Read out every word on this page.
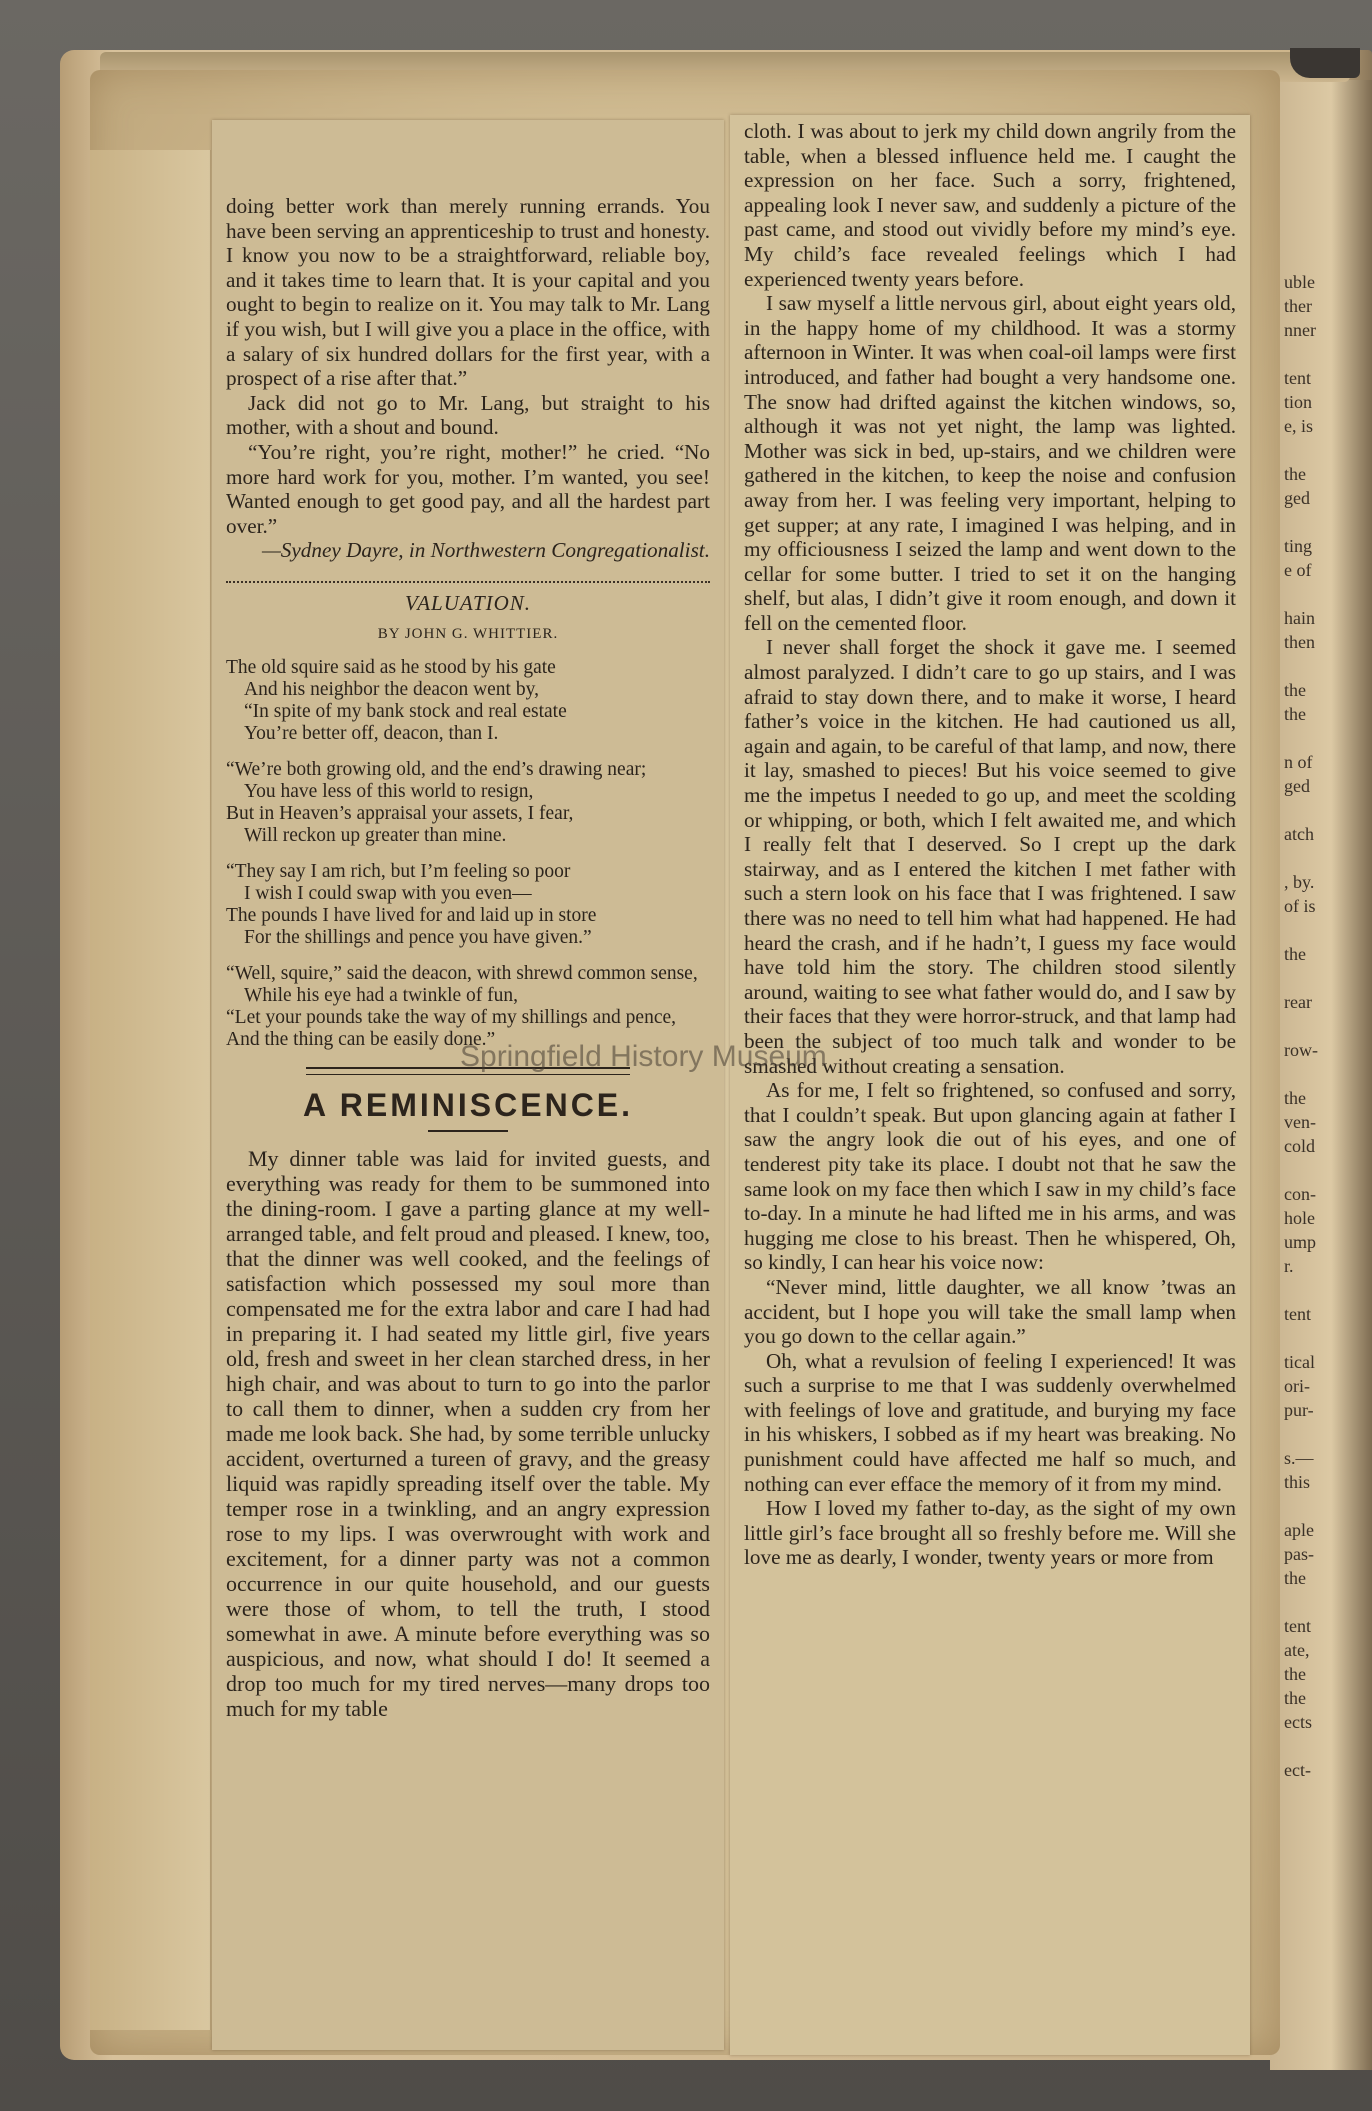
uble
ther
nner

tent
tion
e, is

the
ged

ting
e of

hain
then

the
the

n of
ged

atch

, by.
of is

the

rear

row-

the
ven-
cold

con-
hole
ump
r.

tent

tical
ori-
pur-

s.—
this

aple
pas-
the

tent
ate,
the
the
ects

ect-

doing better work than merely running errands. You have been serving an apprenticeship to trust and honesty. I know you now to be a straightforward, reliable boy, and it takes time to learn that. It is your capital and you ought to begin to realize on it. You may talk to Mr. Lang if you wish, but I will give you a place in the office, with a salary of six hundred dollars for the first year, with a prospect of a rise after that.”

Jack did not go to Mr. Lang, but straight to his mother, with a shout and bound.

“You’re right, you’re right, mother!” he cried. “No more hard work for you, mother. I’m wanted, you see! Wanted enough to get good pay, and all the hardest part over.”

—Sydney Dayre, in Northwestern Congregationalist.

VALUATION.
BY JOHN G. WHITTIER.
The old squire said as he stood by his gate
And his neighbor the deacon went by,
“In spite of my bank stock and real estate
You’re better off, deacon, than I.
“We’re both growing old, and the end’s drawing near;
You have less of this world to resign,
But in Heaven’s appraisal your assets, I fear,
Will reckon up greater than mine.
“They say I am rich, but I’m feeling so poor
I wish I could swap with you even—
The pounds I have lived for and laid up in store
For the shillings and pence you have given.”
“Well, squire,” said the deacon, with shrewd common sense,
While his eye had a twinkle of fun,
“Let your pounds take the way of my shillings and pence,
And the thing can be easily done.”
A REMINISCENCE.

My dinner table was laid for invited guests, and everything was ready for them to be summoned into the dining-room. I gave a parting glance at my well-arranged table, and felt proud and pleased. I knew, too, that the dinner was well cooked, and the feelings of satisfaction which possessed my soul more than compensated me for the extra labor and care I had had in preparing it. I had seated my little girl, five years old, fresh and sweet in her clean starched dress, in her high chair, and was about to turn to go into the parlor to call them to dinner, when a sudden cry from her made me look back. She had, by some terrible unlucky accident, overturned a tureen of gravy, and the greasy liquid was rapidly spreading itself over the table. My temper rose in a twinkling, and an angry expression rose to my lips. I was overwrought with work and excitement, for a dinner party was not a common occurrence in our quite household, and our guests were those of whom, to tell the truth, I stood somewhat in awe. A minute before everything was so auspicious, and now, what should I do! It seemed a drop too much for my tired nerves—many drops too much for my table

cloth. I was about to jerk my child down angrily from the table, when a blessed influence held me. I caught the expression on her face. Such a sorry, frightened, appealing look I never saw, and suddenly a picture of the past came, and stood out vividly before my mind’s eye. My child’s face revealed feelings which I had experienced twenty years before.

I saw myself a little nervous girl, about eight years old, in the happy home of my childhood. It was a stormy afternoon in Winter. It was when coal-oil lamps were first introduced, and father had bought a very handsome one. The snow had drifted against the kitchen windows, so, although it was not yet night, the lamp was lighted. Mother was sick in bed, up-stairs, and we children were gathered in the kitchen, to keep the noise and confusion away from her. I was feeling very important, helping to get supper; at any rate, I imagined I was helping, and in my officiousness I seized the lamp and went down to the cellar for some butter. I tried to set it on the hanging shelf, but alas, I didn’t give it room enough, and down it fell on the cemented floor.

I never shall forget the shock it gave me. I seemed almost paralyzed. I didn’t care to go up stairs, and I was afraid to stay down there, and to make it worse, I heard father’s voice in the kitchen. He had cautioned us all, again and again, to be careful of that lamp, and now, there it lay, smashed to pieces! But his voice seemed to give me the impetus I needed to go up, and meet the scolding or whipping, or both, which I felt awaited me, and which I really felt that I deserved. So I crept up the dark stairway, and as I entered the kitchen I met father with such a stern look on his face that I was frightened. I saw there was no need to tell him what had happened. He had heard the crash, and if he hadn’t, I guess my face would have told him the story. The children stood silently around, waiting to see what father would do, and I saw by their faces that they were horror-struck, and that lamp had been the subject of too much talk and wonder to be smashed without creating a sensation.

As for me, I felt so frightened, so confused and sorry, that I couldn’t speak. But upon glancing again at father I saw the angry look die out of his eyes, and one of tenderest pity take its place. I doubt not that he saw the same look on my face then which I saw in my child’s face to-day. In a minute he had lifted me in his arms, and was hugging me close to his breast. Then he whispered, Oh, so kindly, I can hear his voice now:

“Never mind, little daughter, we all know ’twas an accident, but I hope you will take the small lamp when you go down to the cellar again.”

Oh, what a revulsion of feeling I experienced! It was such a surprise to me that I was suddenly overwhelmed with feelings of love and gratitude, and burying my face in his whiskers, I sobbed as if my heart was breaking. No punishment could have affected me half so much, and nothing can ever efface the memory of it from my mind.

How I loved my father to-day, as the sight of my own little girl’s face brought all so freshly before me. Will she love me as dearly, I wonder, twenty years or more from

Springfield History Museum
